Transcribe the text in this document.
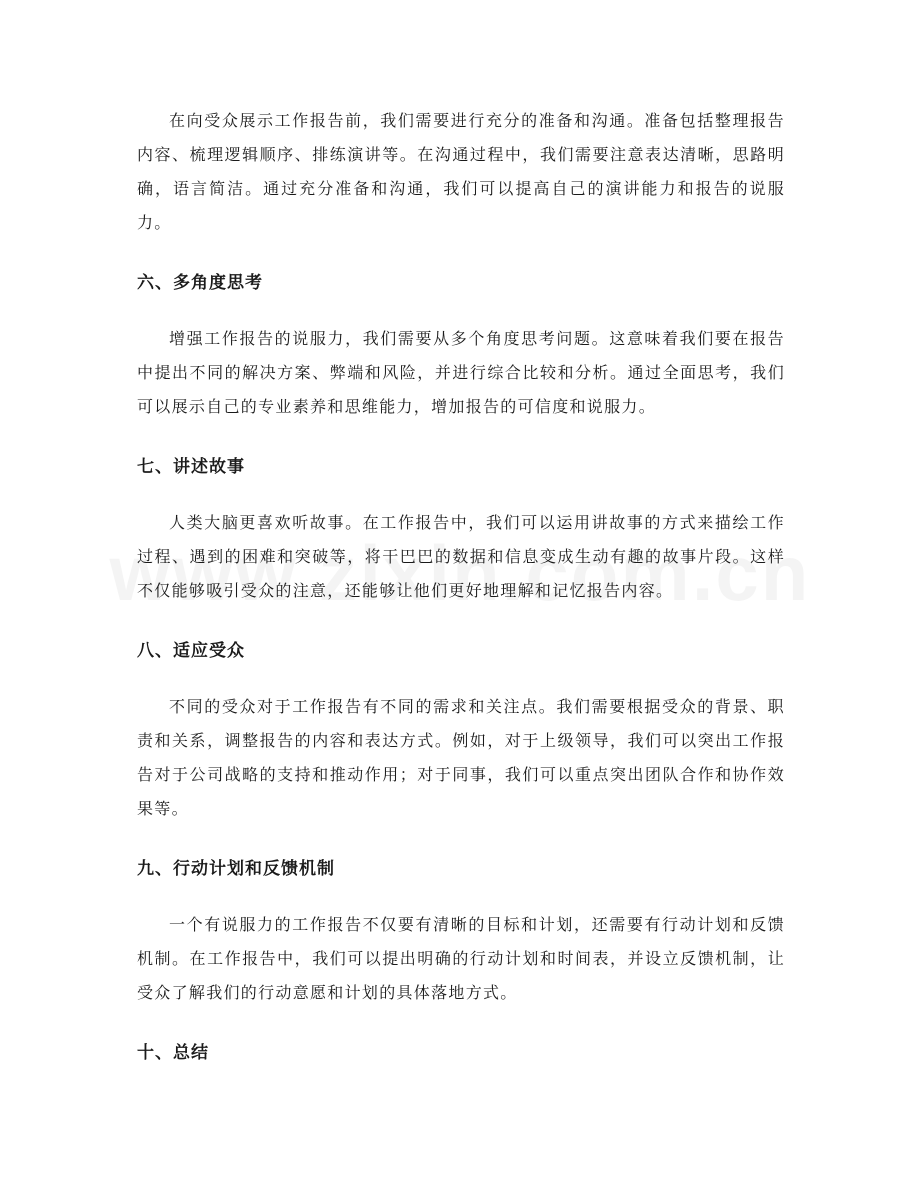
在向受众展示工作报告前，我们需要进行充分的准备和沟通。准备包括整理报告内容、梳理逻辑顺序、排练演讲等。在沟通过程中，我们需要注意表达清晰，思路明确，语言简洁。通过充分准备和沟通，我们可以提高自己的演讲能力和报告的说服力。

六、多角度思考

增强工作报告的说服力，我们需要从多个角度思考问题。这意味着我们要在报告中提出不同的解决方案、弊端和风险，并进行综合比较和分析。通过全面思考，我们可以展示自己的专业素养和思维能力，增加报告的可信度和说服力。

七、讲述故事

人类大脑更喜欢听故事。在工作报告中，我们可以运用讲故事的方式来描绘工作过程、遇到的困难和突破等，将干巴巴的数据和信息变成生动有趣的故事片段。这样不仅能够吸引受众的注意，还能够让他们更好地理解和记忆报告内容。

八、适应受众

不同的受众对于工作报告有不同的需求和关注点。我们需要根据受众的背景、职责和关系，调整报告的内容和表达方式。例如，对于上级领导，我们可以突出工作报告对于公司战略的支持和推动作用；对于同事，我们可以重点突出团队合作和协作效果等。

九、行动计划和反馈机制

一个有说服力的工作报告不仅要有清晰的目标和计划，还需要有行动计划和反馈机制。在工作报告中，我们可以提出明确的行动计划和时间表，并设立反馈机制，让受众了解我们的行动意愿和计划的具体落地方式。

十、总结
